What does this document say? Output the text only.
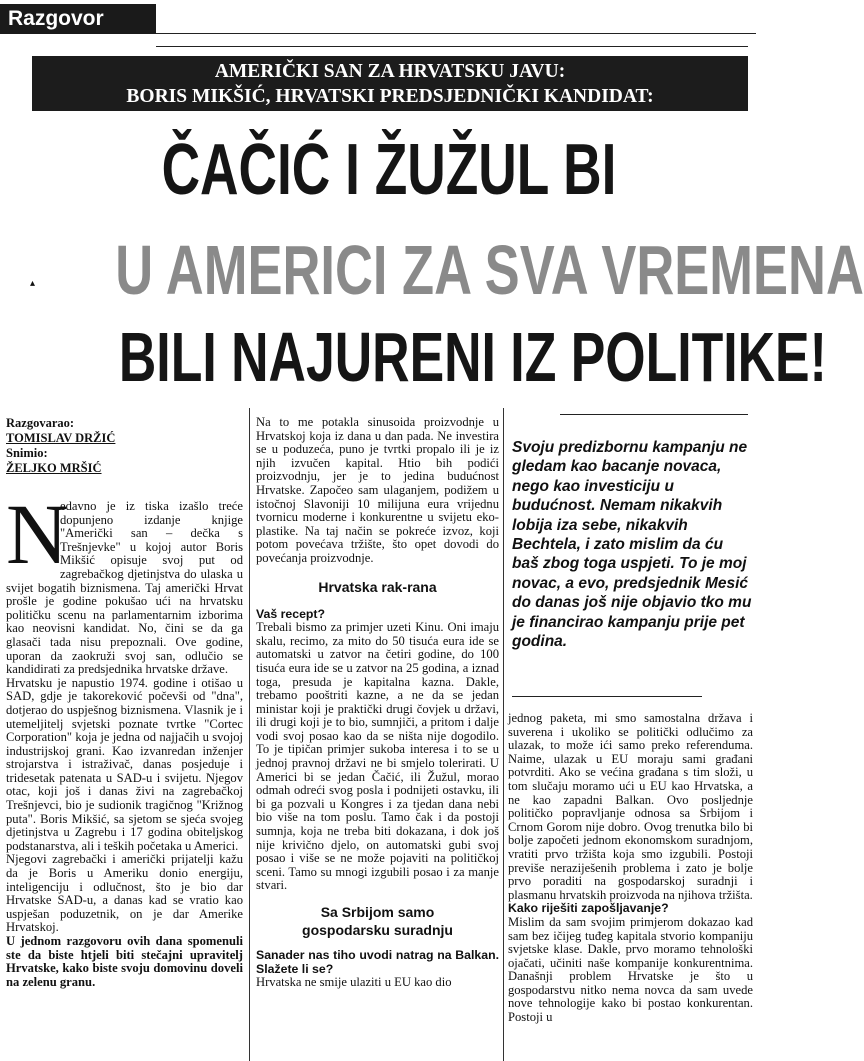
Razgovor
AMERIČKI SAN ZA HRVATSKU JAVU:
BORIS MIKŠIĆ, HRVATSKI PREDSJEDNIČKI KANDIDAT:
ČAČIĆ I ŽUŽUL BI
▴ U AMERICI ZA SVA VREMENA
BILI NAJURENI IZ POLITIKE!
Razgovarao:
TOMISLAV DRŽIĆ
Snimio:
ŽELJKO MRŠIĆ

N
edavno je iz tiska izašlo treće dopunjeno izdanje knjige "Američki san – dečka s Trešnjevke" u kojoj autor Boris Mikšić opisuje svoj put od zagrebačkog djetinjstva do ulaska u svijet bogatih biznismena. Taj američki Hrvat prošle je godine pokušao ući na hrvatsku političku scenu na parlamentarnim izborima kao neovisni kandidat. No, čini se da ga glasači tada nisu prepoznali. Ove godine, uporan da zaokruži svoj san, odlučio se kandidirati za predsjednika hrvatske države.

Hrvatsku je napustio 1974. godine i otišao u SAD, gdje je takoreković počevši od "dna", dotjerao do uspješnog biznismena. Vlasnik je i utemeljitelj svjetski poznate tvrtke "Cortec Corporation" koja je jedna od najjačih u svojoj industrijskoj grani. Kao izvanredan inženjer strojarstva i istraživač, danas posjeduje i tridesetak patenata u SAD-u i svijetu. Njegov otac, koji još i danas živi na zagrebačkoj Trešnjevci, bio je sudionik tragičnog "Križnog puta". Boris Mikšić, sa sjetom se sjeća svojeg djetinjstva u Zagrebu i 17 godina obiteljskog podstanarstva, ali i teških početaka u Americi.

Njegovi zagrebački i američki prijatelji kažu da je Boris u Ameriku donio energiju, inteligenciju i odlučnost, što je bio dar Hrvatske SAD-u, a danas kad se vratio kao uspješan poduzetnik, on je dar Amerike Hrvatskoj.

U jednom razgovoru ovih dana spomenuli ste da biste htjeli biti stečajni upravitelj Hrvatske, kako biste svoju domovinu doveli na zelenu granu.

Na to me potakla sinusoida proizvodnje u Hrvatskoj koja iz dana u dan pada. Ne investira se u poduzeća, puno je tvrtki propalo ili je iz njih izvučen kapital. Htio bih podići proizvodnju, jer je to jedina budućnost Hrvatske. Započeo sam ulaganjem, podižem u istočnoj Slavoniji 10 milijuna eura vrijednu tvornicu moderne i konkurentne u svijetu eko-plastike. Na taj način se pokreće izvoz, koji potom povećava tržište, što opet dovodi do povećanja proizvodnje.

Hrvatska rak-rana

Vaš recept?

Trebali bismo za primjer uzeti Kinu. Oni imaju skalu, recimo, za mito do 50 tisuća eura ide se automatski u zatvor na četiri godine, do 100 tisuća eura ide se u zatvor na 25 godina, a iznad toga, presuda je kapitalna kazna. Dakle, trebamo pooštriti kazne, a ne da se jedan ministar koji je praktički drugi čovjek u državi, ili drugi koji je to bio, sumnjiči, a pritom i dalje vodi svoj posao kao da se ništa nije dogodilo. To je tipičan primjer sukoba interesa i to se u jednoj pravnoj državi ne bi smjelo tolerirati. U Americi bi se jedan Čačić, ili Žužul, morao odmah odreći svog posla i podnijeti ostavku, ili bi ga pozvali u Kongres i za tjedan dana nebi bio više na tom poslu. Tamo čak i da postoji sumnja, koja ne treba biti dokazana, i dok još nije krivično djelo, on automatski gubi svoj posao i više se ne može pojaviti na političkoj sceni. Tamo su mnogi izgubili posao i za manje stvari.

Sa Srbijom samo
gospodarsku suradnju

Sanader nas tiho uvodi natrag na Balkan. Slažete li se?

Hrvatska ne smije ulaziti u EU kao dio

Svoju predizbornu kampanju ne gledam kao bacanje novaca, nego kao investiciju u budućnost. Nemam nikakvih lobija iza sebe, nikakvih Bechtela, i zato mislim da ću baš zbog toga uspjeti. To je moj novac, a evo, predsjednik Mesić do danas još nije objavio tko mu je financirao kampanju prije pet godina.

jednog paketa, mi smo samostalna država i suverena i ukoliko se politički odlučimo za ulazak, to može ići samo preko referenduma. Naime, ulazak u EU moraju sami građani potvrditi. Ako se većina građana s tim složi, u tom slučaju moramo ući u EU kao Hrvatska, a ne kao zapadni Balkan. Ovo posljednje političko popravljanje odnosa sa Srbijom i Crnom Gorom nije dobro. Ovog trenutka bilo bi bolje započeti jednom ekonomskom suradnjom, vratiti prvo tržišta koja smo izgubili. Postoji previše neraziješenih problema i zato je bolje prvo poraditi na gospodarskoj suradnji i plasmanu hrvatskih proizvoda na njihova tržišta.

Kako riješiti zapošljavanje?

Mislim da sam svojim primjerom dokazao kad sam bez ičijeg tuđeg kapitala stvorio kompaniju svjetske klase. Dakle, prvo moramo tehnološki ojačati, učiniti naše kompanije konkurentnima. Današnji problem Hrvatske je što u gospodarstvu nitko nema novca da sam uvede nove tehnologije kako bi postao konkurentan. Postoji u
